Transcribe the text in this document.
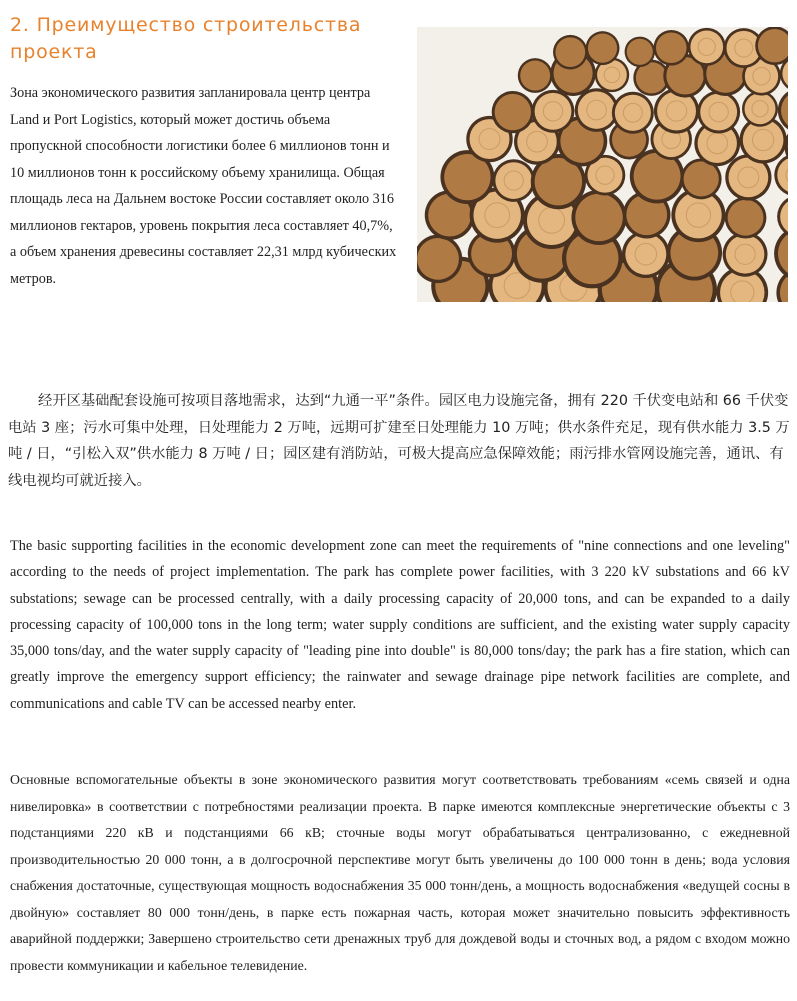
2. Преимущество строительства проекта

Зона экономического развития запланировала центр центра Land и Port Logistics, который может достичь объема пропускной способности логистики более 6 миллионов тонн и 10 миллионов тонн к российскому объему хранилища. Общая площадь леса на Дальнем востоке России составляет около 316 миллионов гектаров, уровень покрытия леса составляет 40,7%, а объем хранения древесины составляет 22,31 млрд кубических метров.

经开区基础配套设施可按项目落地需求，达到“九通一平”条件。园区电力设施完备，拥有 220 千伏变电站和 66 千伏变电站 3 座；污水可集中处理，日处理能力 2 万吨，远期可扩建至日处理能力 10 万吨；供水条件充足，现有供水能力 3.5 万吨 / 日，“引松入双”供水能力 8 万吨 / 日；园区建有消防站，可极大提高应急保障效能；雨污排水管网设施完善，通讯、有线电视均可就近接入。

The basic supporting facilities in the economic development zone can meet the requirements of "nine connections and one leveling" according to the needs of project implementation. The park has complete power facilities, with 3 220 kV substations and 66 kV substations; sewage can be processed centrally, with a daily processing capacity of 20,000 tons, and can be expanded to a daily processing capacity of 100,000 tons in the long term; water supply conditions are sufficient, and the existing water supply capacity 35,000 tons/day, and the water supply capacity of "leading pine into double" is 80,000 tons/day; the park has a fire station, which can greatly improve the emergency support efficiency; the rainwater and sewage drainage pipe network facilities are complete, and communications and cable TV can be accessed nearby enter.

Основные вспомогательные объекты в зоне экономического развития могут соответствовать требованиям «семь связей и одна нивелировка» в соответствии с потребностями реализации проекта. В парке имеются комплексные энергетические объекты с 3 подстанциями 220 кВ и подстанциями 66 кВ; сточные воды могут обрабатываться централизованно, с ежедневной производительностью 20 000 тонн, а в долгосрочной перспективе могут быть увеличены до 100 000 тонн в день; вода условия снабжения достаточные, существующая мощность водоснабжения 35 000 тонн/день, а мощность водоснабжения «ведущей сосны в двойную» составляет 80 000 тонн/день, в парке есть пожарная часть, которая может значительно повысить эффективность аварийной поддержки; Завершено строительство сети дренажных труб для дождевой воды и сточных вод, а рядом с входом можно провести коммуникации и кабельное телевидение.
